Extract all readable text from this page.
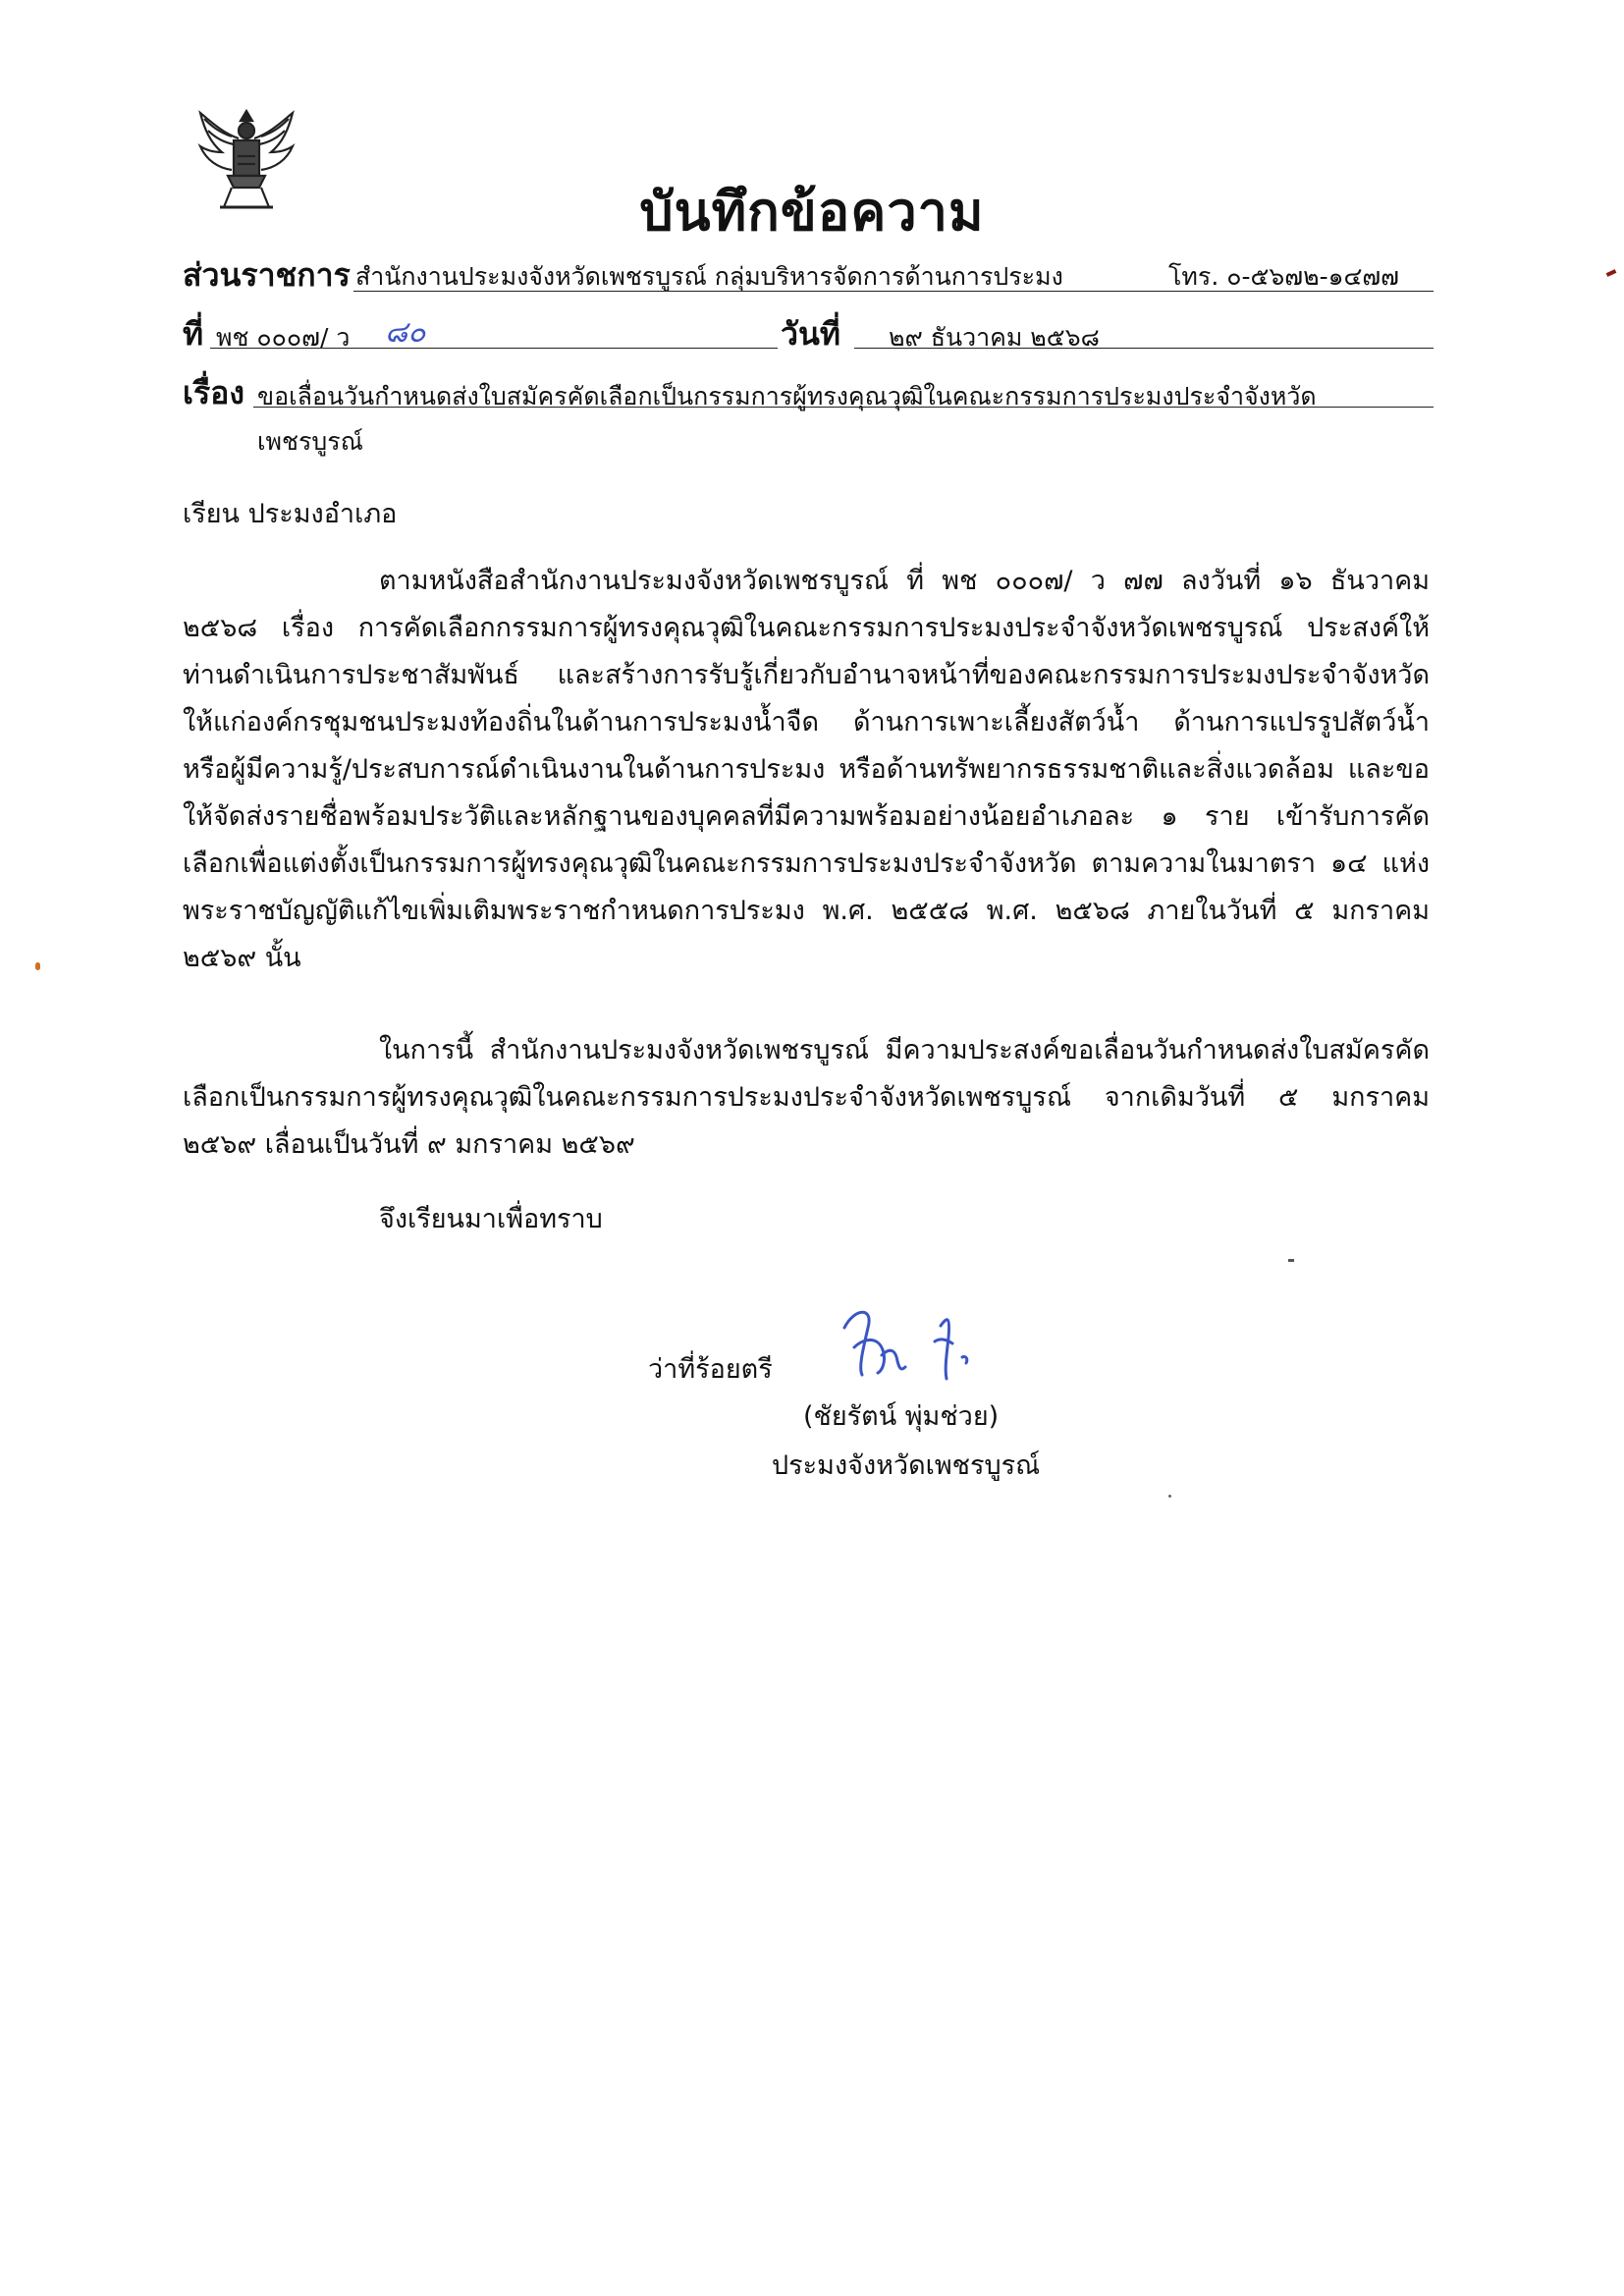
บันทึกข้อความ
ส่วนราชการ สำนักงานประมงจังหวัดเพชรบูรณ์ กลุ่มบริหารจัดการด้านการประมง	โทร. ๐-๕๖๗๒-๑๔๗๗
ที่ พช ๐๐๐๗/ ว ๘๐	วันที่ ๒๙ ธันวาคม ๒๕๖๘
เรื่อง ขอเลื่อนวันกำหนดส่งใบสมัครคัดเลือกเป็นกรรมการผู้ทรงคุณวุฒิในคณะกรรมการประมงประจำจังหวัด
เพชรบูรณ์
เรียน ประมงอำเภอ
ตามหนังสือสำนักงานประมงจังหวัดเพชรบูรณ์ ที่ พช ๐๐๐๗/ ว ๗๗ ลงวันที่ ๑๖ ธันวาคม ๒๕๖๘ เรื่อง การคัดเลือกกรรมการผู้ทรงคุณวุฒิในคณะกรรมการประมงประจำจังหวัดเพชรบูรณ์ ประสงค์ให้ท่านดำเนินการประชาสัมพันธ์ และสร้างการรับรู้เกี่ยวกับอำนาจหน้าที่ของคณะกรรมการประมงประจำจังหวัดให้แก่องค์กรชุมชนประมงท้องถิ่นในด้านการประมงน้ำจืด ด้านการเพาะเลี้ยงสัตว์น้ำ ด้านการแปรรูปสัตว์น้ำ หรือผู้มีความรู้/ประสบการณ์ดำเนินงานในด้านการประมง หรือด้านทรัพยากรธรรมชาติและสิ่งแวดล้อม และขอให้จัดส่งรายชื่อพร้อมประวัติและหลักฐานของบุคคลที่มีความพร้อมอย่างน้อยอำเภอละ ๑ ราย เข้ารับการคัดเลือกเพื่อแต่งตั้งเป็นกรรมการผู้ทรงคุณวุฒิในคณะกรรมการประมงประจำจังหวัด ตามความในมาตรา ๑๔ แห่งพระราชบัญญัติแก้ไขเพิ่มเติมพระราชกำหนดการประมง พ.ศ. ๒๕๕๘ พ.ศ. ๒๕๖๘ ภายในวันที่ ๕ มกราคม ๒๕๖๙ นั้น
ในการนี้ สำนักงานประมงจังหวัดเพชรบูรณ์ มีความประสงค์ขอเลื่อนวันกำหนดส่งใบสมัครคัดเลือกเป็นกรรมการผู้ทรงคุณวุฒิในคณะกรรมการประมงประจำจังหวัดเพชรบูรณ์ จากเดิมวันที่ ๕ มกราคม ๒๕๖๙ เลื่อนเป็นวันที่ ๙ มกราคม ๒๕๖๙
จึงเรียนมาเพื่อทราบ
ว่าที่ร้อยตรี
(ชัยรัตน์ พุ่มช่วย)
ประมงจังหวัดเพชรบูรณ์
